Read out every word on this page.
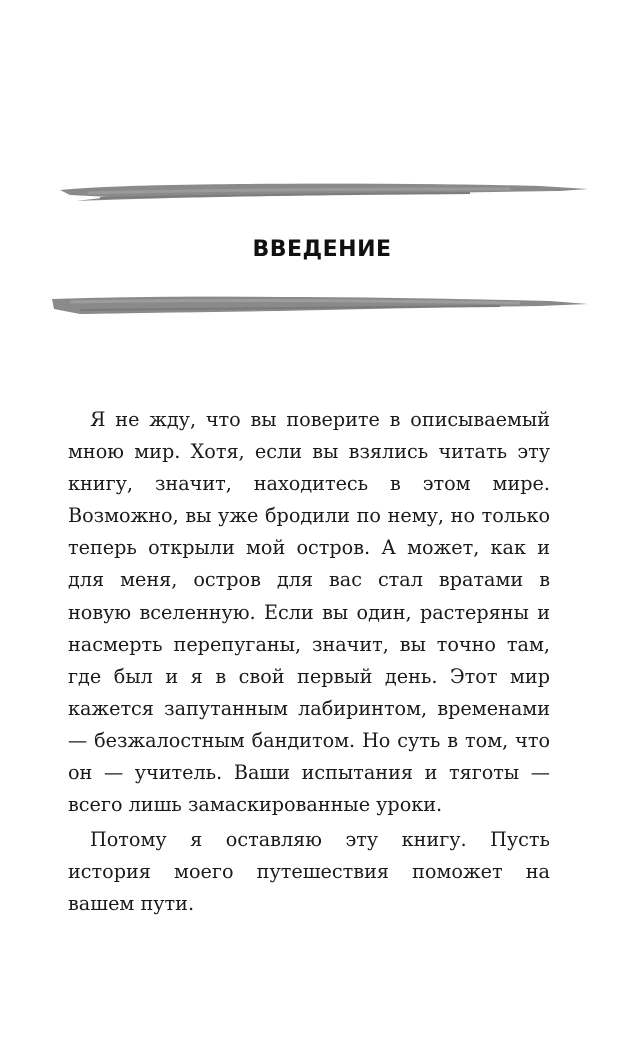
ВВЕДЕНИЕ

Я не жду, что вы поверите в описываемый мною мир. Хотя, если вы взялись читать эту книгу, значит, находитесь в этом мире. Возможно, вы уже бродили по нему, но только теперь открыли мой остров. А может, как и для меня, остров для вас стал вратами в новую вселенную. Если вы один, растеряны и насмерть перепуганы, значит, вы точно там, где был и я в свой первый день. Этот мир кажется запутанным лабиринтом, временами — безжалостным бандитом. Но суть в том, что он — учитель. Ваши испытания и тяготы — всего лишь замаскированные уроки.

Потому я оставляю эту книгу. Пусть история моего путешествия поможет на вашем пути.
